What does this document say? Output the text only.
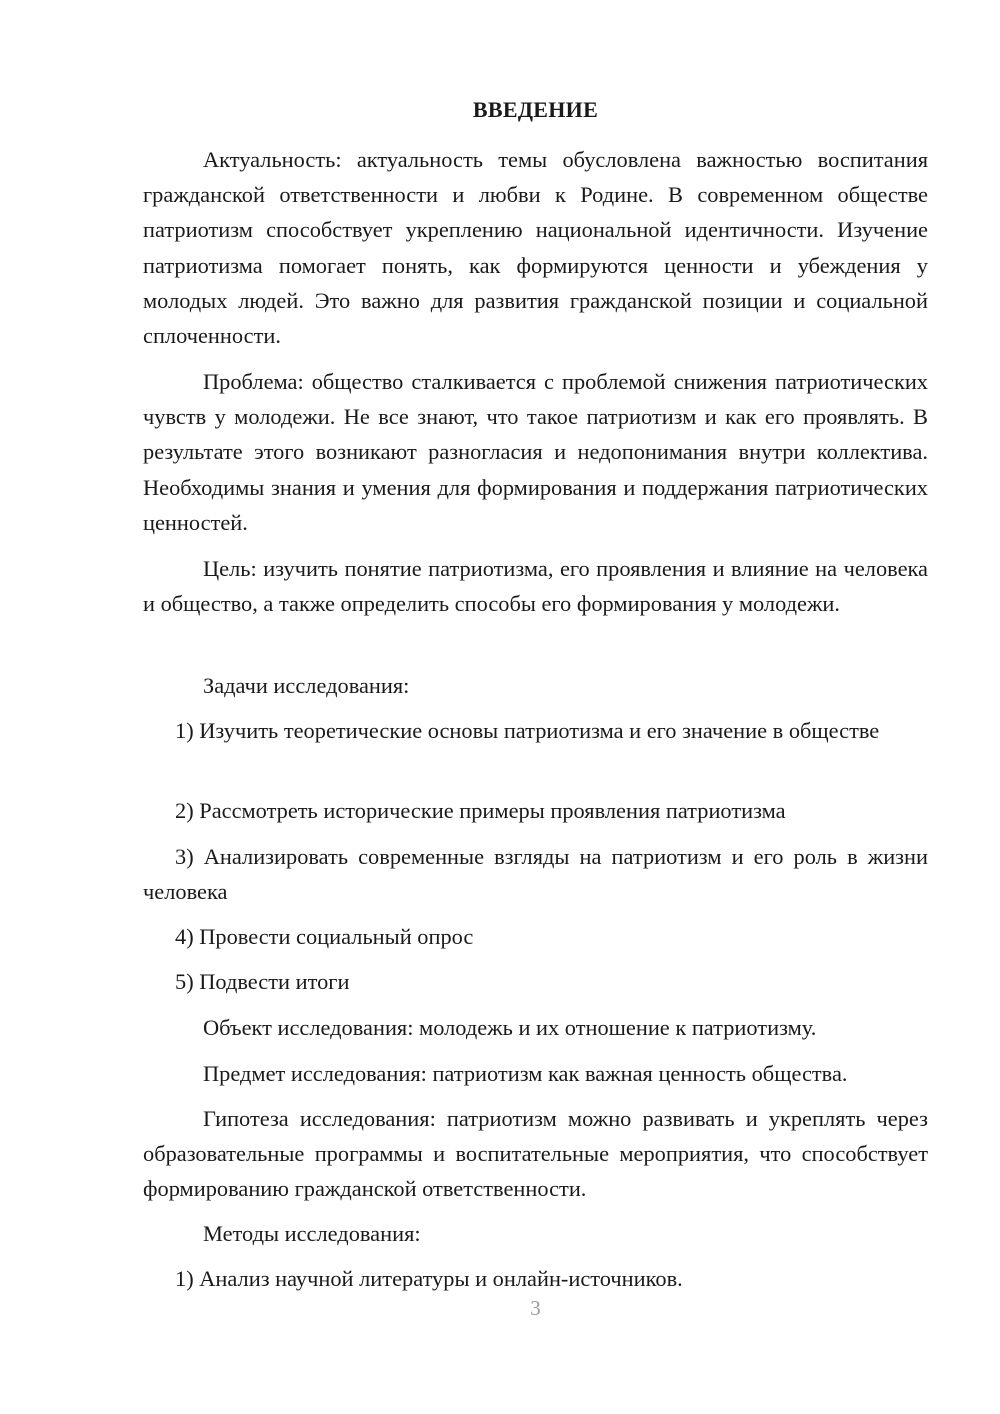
ВВЕДЕНИЕ

Актуальность: актуальность темы обусловлена важностью воспитания гражданской ответственности и любви к Родине. В современном обществе патриотизм способствует укреплению национальной идентичности. Изучение патриотизма помогает понять, как формируются ценности и убеждения у молодых людей. Это важно для развития гражданской позиции и социальной сплоченности.

Проблема: общество сталкивается с проблемой снижения патриотических чувств у молодежи. Не все знают, что такое патриотизм и как его проявлять. В результате этого возникают разногласия и недопонимания внутри коллектива. Необходимы знания и умения для формирования и поддержания патриотических ценностей.

Цель: изучить понятие патриотизма, его проявления и влияние на человека и общество, а также определить способы его формирования у молодежи.

Задачи исследования:

1) Изучить теоретические основы патриотизма и его значение в обществе

2) Рассмотреть исторические примеры проявления патриотизма

3) Анализировать современные взгляды на патриотизм и его роль в жизни человека

4) Провести социальный опрос

5) Подвести итоги

Объект исследования: молодежь и их отношение к патриотизму.

Предмет исследования: патриотизм как важная ценность общества.

Гипотеза исследования: патриотизм можно развивать и укреплять через образовательные программы и воспитательные мероприятия, что способствует формированию гражданской ответственности.

Методы исследования:

1) Анализ научной литературы и онлайн-источников.

3
